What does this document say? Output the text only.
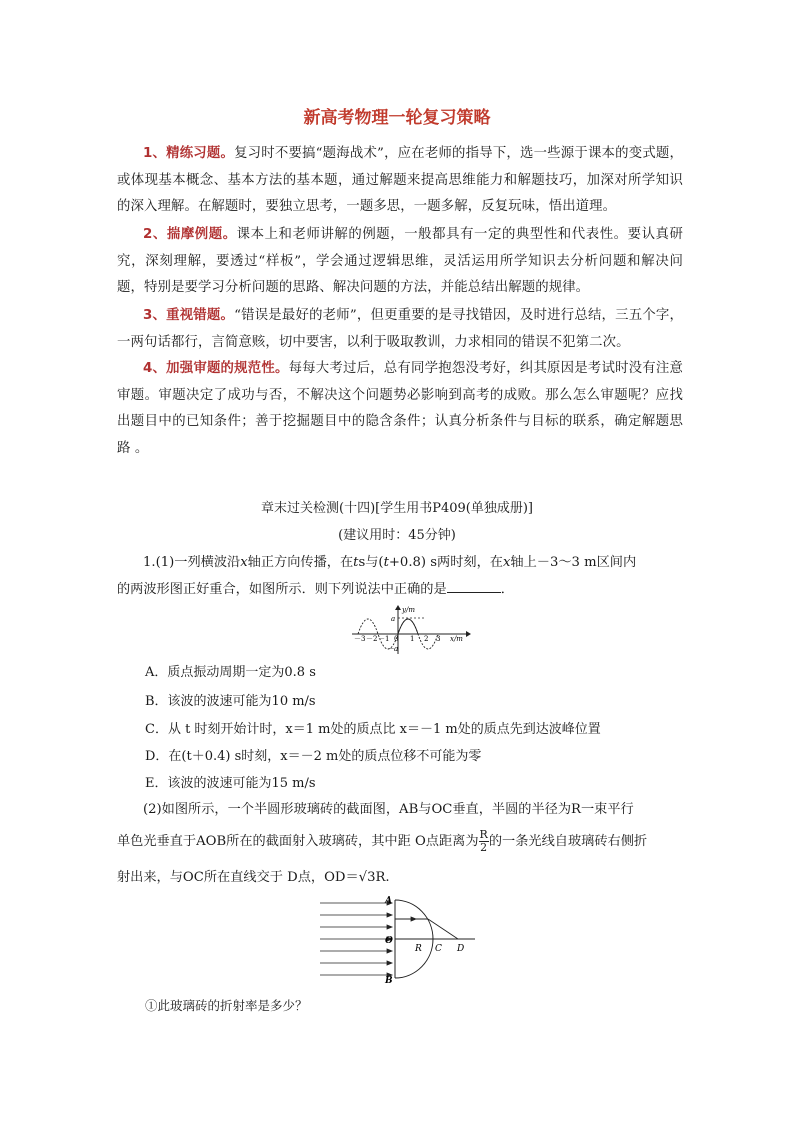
新高考物理一轮复习策略
1、精练习题。复习时不要搞“题海战术”，应在老师的指导下，选一些源于课本的变式题，或体现基本概念、基本方法的基本题，通过解题来提高思维能力和解题技巧，加深对所学知识的深入理解。在解题时，要独立思考，一题多思，一题多解，反复玩味，悟出道理。
2、揣摩例题。课本上和老师讲解的例题，一般都具有一定的典型性和代表性。要认真研究，深刻理解，要透过“样板”，学会通过逻辑思维，灵活运用所学知识去分析问题和解决问题，特别是要学习分析问题的思路、解决问题的方法，并能总结出解题的规律。
3、重视错题。“错误是最好的老师”，但更重要的是寻找错因，及时进行总结，三五个字，一两句话都行，言简意赅，切中要害，以利于吸取教训，力求相同的错误不犯第二次。
4、加强审题的规范性。每每大考过后，总有同学抱怨没考好，纠其原因是考试时没有注意审题。审题决定了成功与否，不解决这个问题势必影响到高考的成败。那么怎么审题呢？应找出题目中的已知条件；善于挖掘题目中的隐含条件；认真分析条件与目标的联系，确定解题思路 。
章末过关检测(十四)[学生用书P409(单独成册)]
(建议用时：45分钟)
1.(1)一列横波沿x轴正方向传播，在ts与(t+0.8) s两时刻，在x轴上－3～3 m区间内
的两波形图正好重合，如图所示．则下列说法中正确的是	．
y/m
x/m
a
－a
－3 －2 －1 0 1 2 3
A．质点振动周期一定为0.8 s
B．该波的波速可能为10 m/s
C．从 t 时刻开始计时，x＝1 m处的质点比 x＝－1 m处的质点先到达波峰位置
D．在(t＋0.4) s时刻，x＝－2 m处的质点位移不可能为零
E．该波的波速可能为15 m/s
(2)如图所示，一个半圆形玻璃砖的截面图，AB与OC垂直，半圆的半径为R一束平行
单色光垂直于AOB所在的截面射入玻璃砖，其中距 O点距离为 $\frac{R}{2}$ 的一条光线自玻璃砖右侧折
射出来，与OC所在直线交于 D点，OD＝√3R.
A
O
B
R C D
①此玻璃砖的折射率是多少？
